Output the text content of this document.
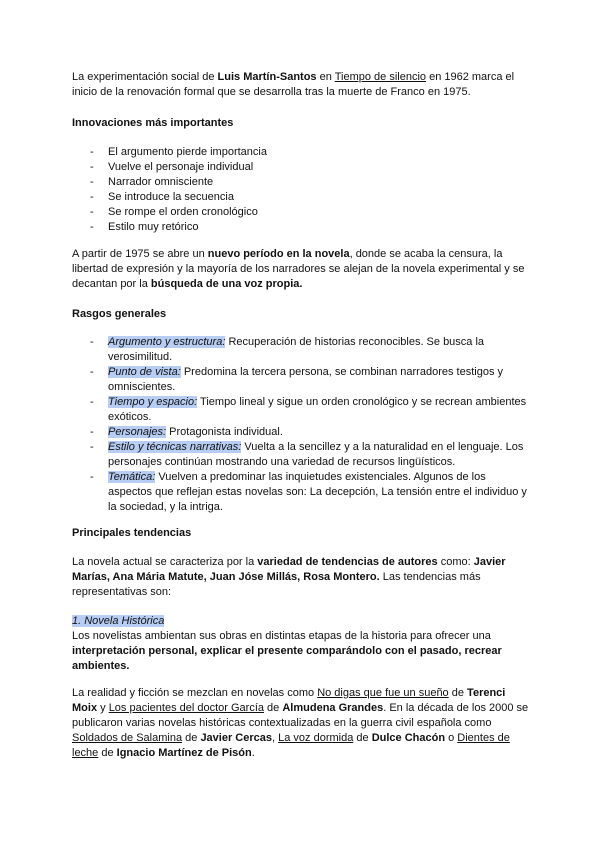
La experimentación social de Luis Martín-Santos en Tiempo de silencio en 1962 marca el inicio de la renovación formal que se desarrolla tras la muerte de Franco en 1975.

Innovaciones más importantes

- El argumento pierde importancia
- Vuelve el personaje individual
- Narrador omnisciente
- Se introduce la secuencia
- Se rompe el orden cronológico
- Estilo muy retórico

A partir de 1975 se abre un nuevo período en la novela, donde se acaba la censura, la libertad de expresión y la mayoría de los narradores se alejan de la novela experimental y se decantan por la búsqueda de una voz propia.

Rasgos generales

- Argumento y estructura: Recuperación de historias reconocibles. Se busca la verosimilitud.
- Punto de vista: Predomina la tercera persona, se combinan narradores testigos y omniscientes.
- Tiempo y espacio: Tiempo lineal y sigue un orden cronológico y se recrean ambientes exóticos.
- Personajes: Protagonista individual.
- Estilo y técnicas narrativas: Vuelta a la sencillez y a la naturalidad en el lenguaje. Los personajes continúan mostrando una variedad de recursos lingüísticos.
- Temática: Vuelven a predominar las inquietudes existenciales. Algunos de los aspectos que reflejan estas novelas son: La decepción, La tensión entre el individuo y la sociedad, y la intriga.

Principales tendencias

La novela actual se caracteriza por la variedad de tendencias de autores como: Javier Marías, Ana Mária Matute, Juan Jóse Millás, Rosa Montero. Las tendencias más representativas son:

1. Novela Histórica
Los novelistas ambientan sus obras en distintas etapas de la historia para ofrecer una interpretación personal, explicar el presente comparándolo con el pasado, recrear ambientes.

La realidad y ficción se mezclan en novelas como No digas que fue un sueño de Terenci Moix y Los pacientes del doctor García de Almudena Grandes. En la década de los 2000 se publicaron varias novelas históricas contextualizadas en la guerra civil española como Soldados de Salamina de Javier Cercas, La voz dormida de Dulce Chacón o Dientes de leche de Ignacio Martínez de Pisón.
